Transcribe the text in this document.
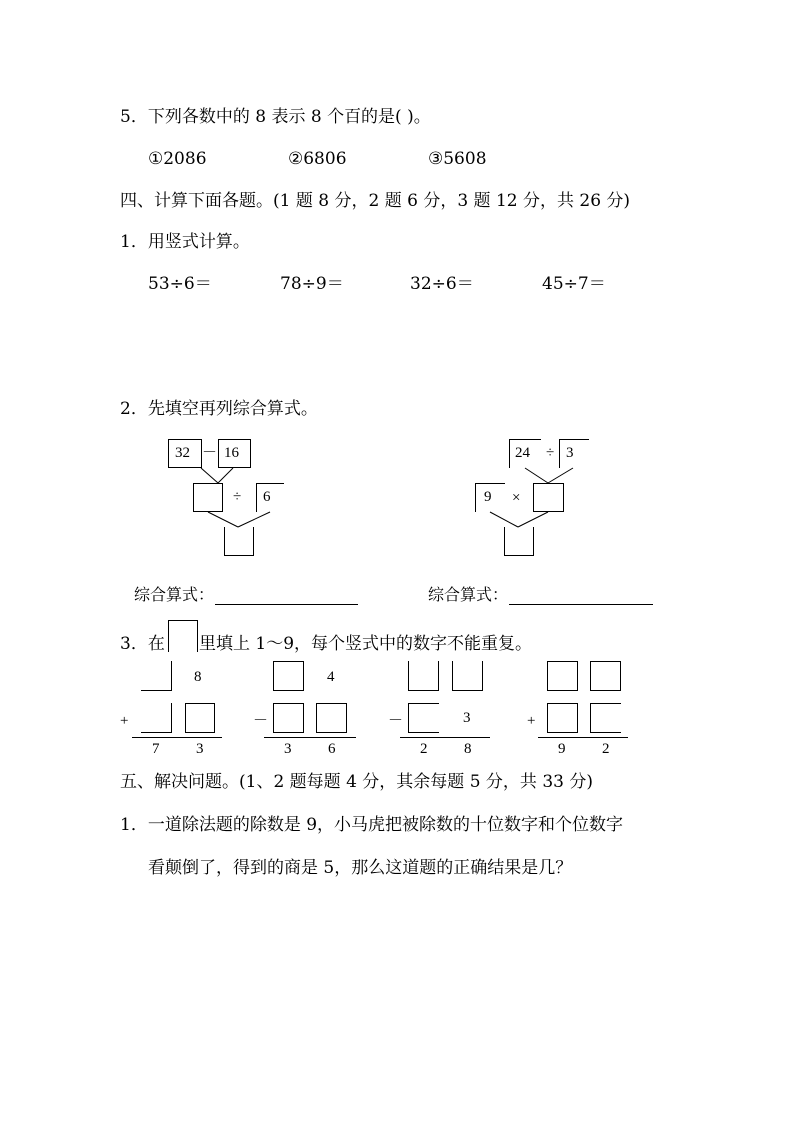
5．下列各数中的 8 表示 8 个百的是( )。
①2086	②6806	③5608
四、计算下面各题。(1 题 8 分，2 题 6 分，3 题 12 分，共 26 分)
1．用竖式计算。
53÷6＝	78÷9＝	32÷6＝	45÷7＝
2．先填空再列综合算式。
32 － 16
÷ 6
24 ÷ 3
9 ×
综合算式：	综合算式：
3．在 里填上 1～9，每个竖式中的数字不能重复。
8
+
7 3
4
－
3 6
－	3
2 8
+
9 2
五、解决问题。(1、2 题每题 4 分，其余每题 5 分，共 33 分)
1．一道除法题的除数是 9，小马虎把被除数的十位数字和个位数字
看颠倒了，得到的商是 5，那么这道题的正确结果是几？
